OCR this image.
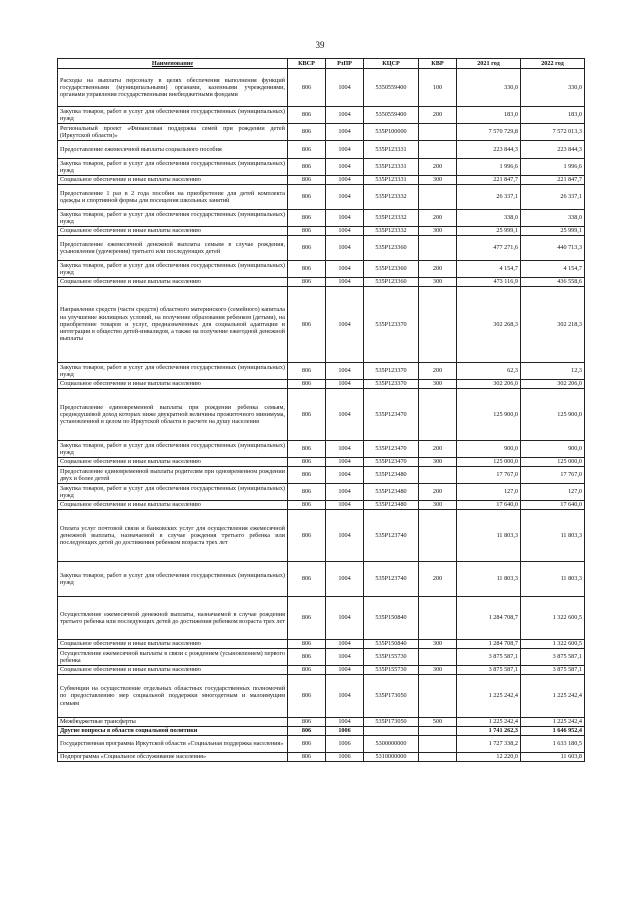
39
Наименование	КВСР	РзПР	КЦСР	КВР	2021 год	2022 год
Расходы на выплаты персоналу в целях обеспечения выполнения функций государственными (муниципальными) органами, казенными учреждениями, органами управления государственными внебюджетными фондами	806	1004	5350559400	100	330,0	330,0
Закупка товаров, работ и услуг для обеспечения государственных (муниципальных) нужд	806	1004	5350559400	200	183,0	183,0
Региональный проект «Финансовая поддержка семей при рождении детей (Иркутской области)»	806	1004	535P100000		7 570 729,8	7 572 013,3
Предоставление ежемесячной выплаты социального пособия	806	1004	535P123331		223 844,3	223 844,3
Закупка товаров, работ и услуг для обеспечения государственных (муниципальных) нужд	806	1004	535P123331	200	1 996,6	1 996,6
Социальное обеспечение и иные выплаты населению	806	1004	535P123331	300	221 847,7	221 847,7
Предоставление 1 раз в 2 года пособия на приобретение для детей комплекта одежды и спортивной формы для посещения школьных занятий	806	1004	535P123332		26 337,1	26 337,1
Закупка товаров, работ и услуг для обеспечения государственных (муниципальных) нужд	806	1004	535P123332	200	338,0	338,0
Социальное обеспечение и иные выплаты населению	806	1004	535P123332	300	25 999,1	25 999,1
Предоставление ежемесячной денежной выплаты семьям в случае рождения, усыновления (удочерения) третьего или последующих детей	806	1004	535P123360		477 271,6	440 713,3
Закупка товаров, работ и услуг для обеспечения государственных (муниципальных) нужд	806	1004	535P123360	200	4 154,7	4 154,7
Социальное обеспечение и иные выплаты населению	806	1004	535P123360	300	473 116,9	436 558,6
Направление средств (части средств) областного материнского (семейного) капитала на улучшение жилищных условий, на получение образования ребенком (детьми), на приобретение товаров и услуг, предназначенных для социальной адаптации и интеграции в общество детей-инвалидов, а также на получение ежегодной денежной выплаты	806	1004	535P123370		302 268,3	302 218,3
Закупка товаров, работ и услуг для обеспечения государственных (муниципальных) нужд	806	1004	535P123370	200	62,3	12,3
Социальное обеспечение и иные выплаты населению	806	1004	535P123370	300	302 206,0	302 206,0
Предоставление единовременной выплаты при рождении ребенка семьям, среднедушевой доход которых ниже двукратной величины прожиточного минимума, установленной в целом по Иркутской области в расчете на душу населения	806	1004	535P123470		125 900,0	125 900,0
Закупка товаров, работ и услуг для обеспечения государственных (муниципальных) нужд	806	1004	535P123470	200	900,0	900,0
Социальное обеспечение и иные выплаты населению	806	1004	535P123470	300	125 000,0	125 000,0
Предоставление единовременной выплаты родителям при одновременном рождении двух и более детей	806	1004	535P123480		17 767,0	17 767,0
Закупка товаров, работ и услуг для обеспечения государственных (муниципальных) нужд	806	1004	535P123480	200	127,0	127,0
Социальное обеспечение и иные выплаты населению	806	1004	535P123480	300	17 640,0	17 640,0
Оплата услуг почтовой связи и банковских услуг для осуществления ежемесячной денежной выплаты, назначаемой в случае рождения третьего ребенка или последующих детей до достижения ребенком возраста трех лет	806	1004	535P123740		11 803,3	11 803,3
Закупка товаров, работ и услуг для обеспечения государственных (муниципальных) нужд	806	1004	535P123740	200	11 803,3	11 803,3
Осуществление ежемесячной денежной выплаты, назначаемой в случае рождения третьего ребенка или последующих детей до достижения ребенком возраста трех лет	806	1004	535P150840		1 284 708,7	1 322 600,5
Социальное обеспечение и иные выплаты населению	806	1004	535P150840	300	1 284 708,7	1 322 600,5
Осуществление ежемесячной выплаты в связи с рождением (усыновлением) первого ребенка	806	1004	535P155730		3 875 587,1	3 875 587,1
Социальное обеспечение и иные выплаты населению	806	1004	535P155730	300	3 875 587,1	3 875 587,1
Субвенции на осуществление отдельных областных государственных полномочий по предоставлению мер социальной поддержки многодетным и малоимущим семьям	806	1004	535P173050		1 225 242,4	1 225 242,4
Межбюджетные трансферты	806	1004	535P173050	500	1 225 242,4	1 225 242,4
Другие вопросы в области социальной политики	806	1006			1 741 262,3	1 646 952,4
Государственная программа Иркутской области «Социальная поддержка населения»	806	1006	5300000000		1 727 338,2	1 633 180,5
Подпрограмма «Социальное обслуживание населения»	806	1006	5310000000		12 220,0	11 603,8
